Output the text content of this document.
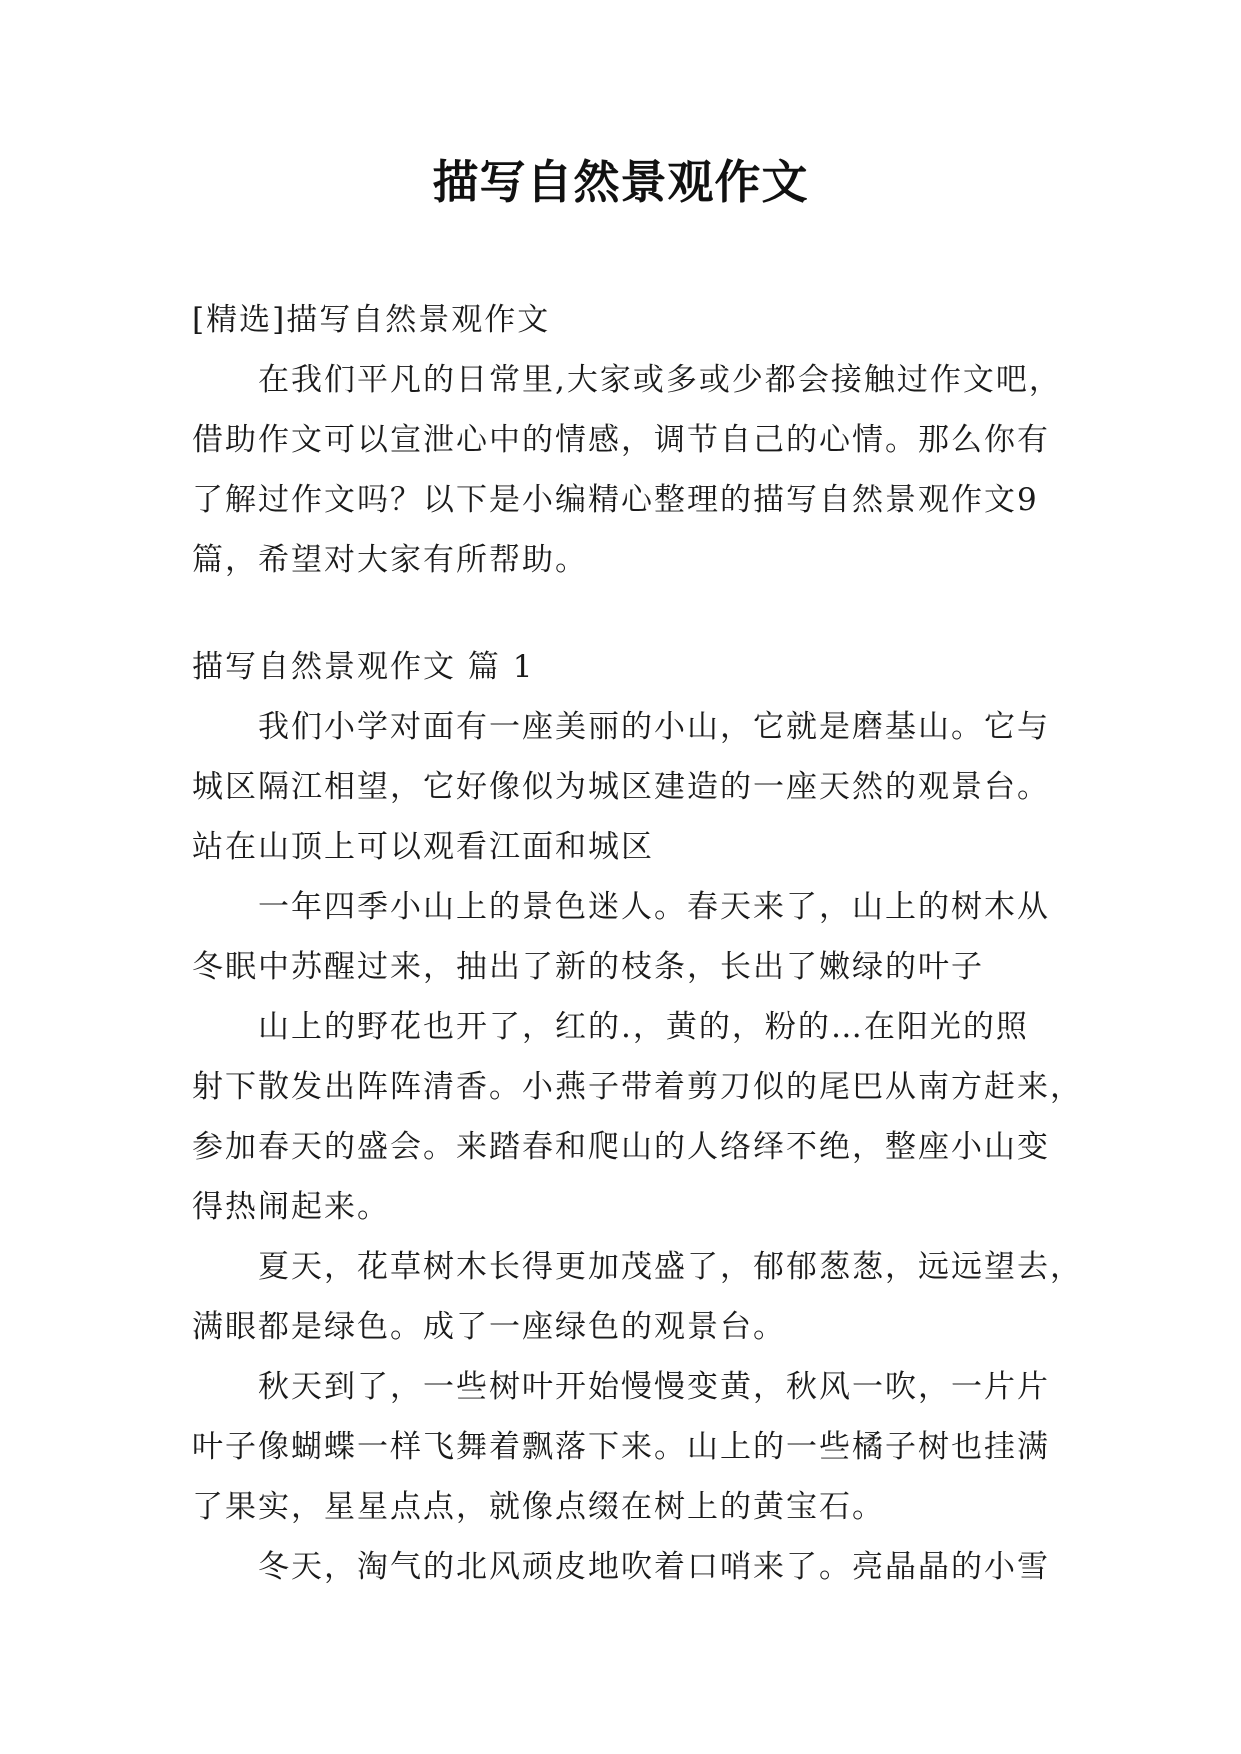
描写自然景观作文
[精选]描写自然景观作文
在我们平凡的日常里,大家或多或少都会接触过作文吧，
借助作文可以宣泄心中的情感，调节自己的心情。那么你有
了解过作文吗？以下是小编精心整理的描写自然景观作文9
篇，希望对大家有所帮助。
描写自然景观作文 篇 1
我们小学对面有一座美丽的小山，它就是磨基山。它与
城区隔江相望，它好像似为城区建造的一座天然的观景台。
站在山顶上可以观看江面和城区
一年四季小山上的景色迷人。春天来了，山上的树木从
冬眠中苏醒过来，抽出了新的枝条，长出了嫩绿的叶子
山上的野花也开了，红的.，黄的，粉的…在阳光的照
射下散发出阵阵清香。小燕子带着剪刀似的尾巴从南方赶来，
参加春天的盛会。来踏春和爬山的人络绎不绝，整座小山变
得热闹起来。
夏天，花草树木长得更加茂盛了，郁郁葱葱，远远望去，
满眼都是绿色。成了一座绿色的观景台。
秋天到了，一些树叶开始慢慢变黄，秋风一吹，一片片
叶子像蝴蝶一样飞舞着飘落下来。山上的一些橘子树也挂满
了果实，星星点点，就像点缀在树上的黄宝石。
冬天，淘气的北风顽皮地吹着口哨来了。亮晶晶的小雪
